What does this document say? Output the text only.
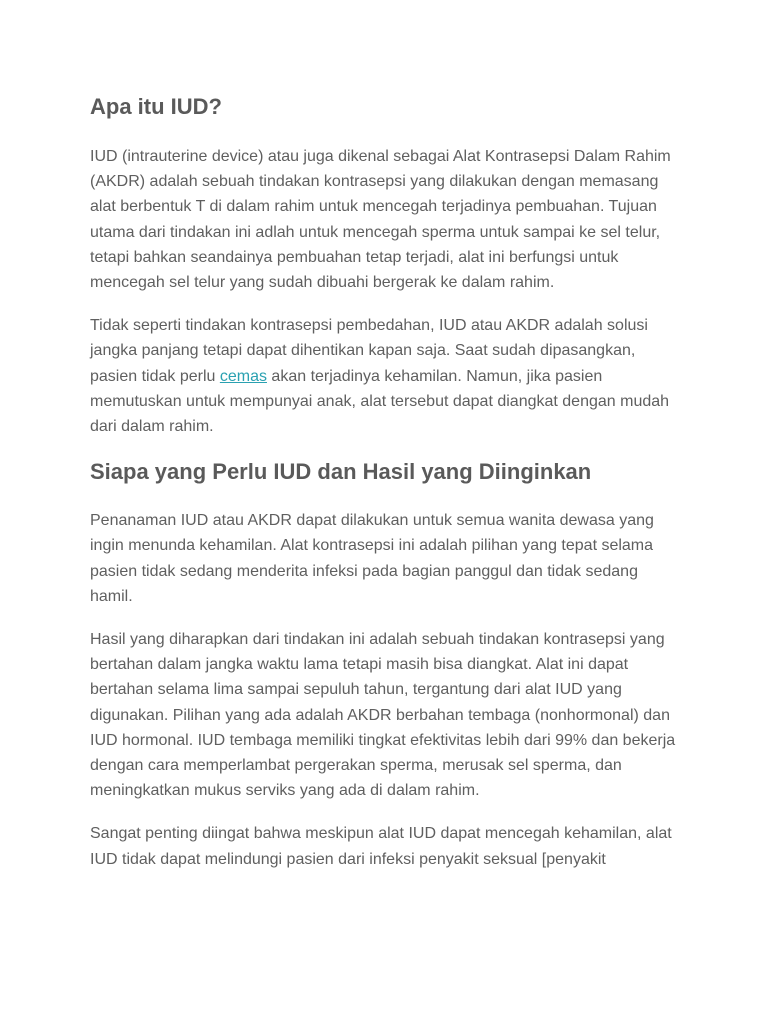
Apa itu IUD?

IUD (intrauterine device) atau juga dikenal sebagai Alat Kontrasepsi Dalam Rahim (AKDR) adalah sebuah tindakan kontrasepsi yang dilakukan dengan memasang alat berbentuk T di dalam rahim untuk mencegah terjadinya pembuahan. Tujuan utama dari tindakan ini adlah untuk mencegah sperma untuk sampai ke sel telur, tetapi bahkan seandainya pembuahan tetap terjadi, alat ini berfungsi untuk mencegah sel telur yang sudah dibuahi bergerak ke dalam rahim.

Tidak seperti tindakan kontrasepsi pembedahan, IUD atau AKDR adalah solusi jangka panjang tetapi dapat dihentikan kapan saja. Saat sudah dipasangkan, pasien tidak perlu cemas akan terjadinya kehamilan. Namun, jika pasien memutuskan untuk mempunyai anak, alat tersebut dapat diangkat dengan mudah dari dalam rahim.

Siapa yang Perlu IUD dan Hasil yang Diinginkan

Penanaman IUD atau AKDR dapat dilakukan untuk semua wanita dewasa yang ingin menunda kehamilan. Alat kontrasepsi ini adalah pilihan yang tepat selama pasien tidak sedang menderita infeksi pada bagian panggul dan tidak sedang hamil.

Hasil yang diharapkan dari tindakan ini adalah sebuah tindakan kontrasepsi yang bertahan dalam jangka waktu lama tetapi masih bisa diangkat. Alat ini dapat bertahan selama lima sampai sepuluh tahun, tergantung dari alat IUD yang digunakan. Pilihan yang ada adalah AKDR berbahan tembaga (nonhormonal) dan IUD hormonal. IUD tembaga memiliki tingkat efektivitas lebih dari 99% dan bekerja dengan cara memperlambat pergerakan sperma, merusak sel sperma, dan meningkatkan mukus serviks yang ada di dalam rahim.

Sangat penting diingat bahwa meskipun alat IUD dapat mencegah kehamilan, alat IUD tidak dapat melindungi pasien dari infeksi penyakit seksual [penyakit
